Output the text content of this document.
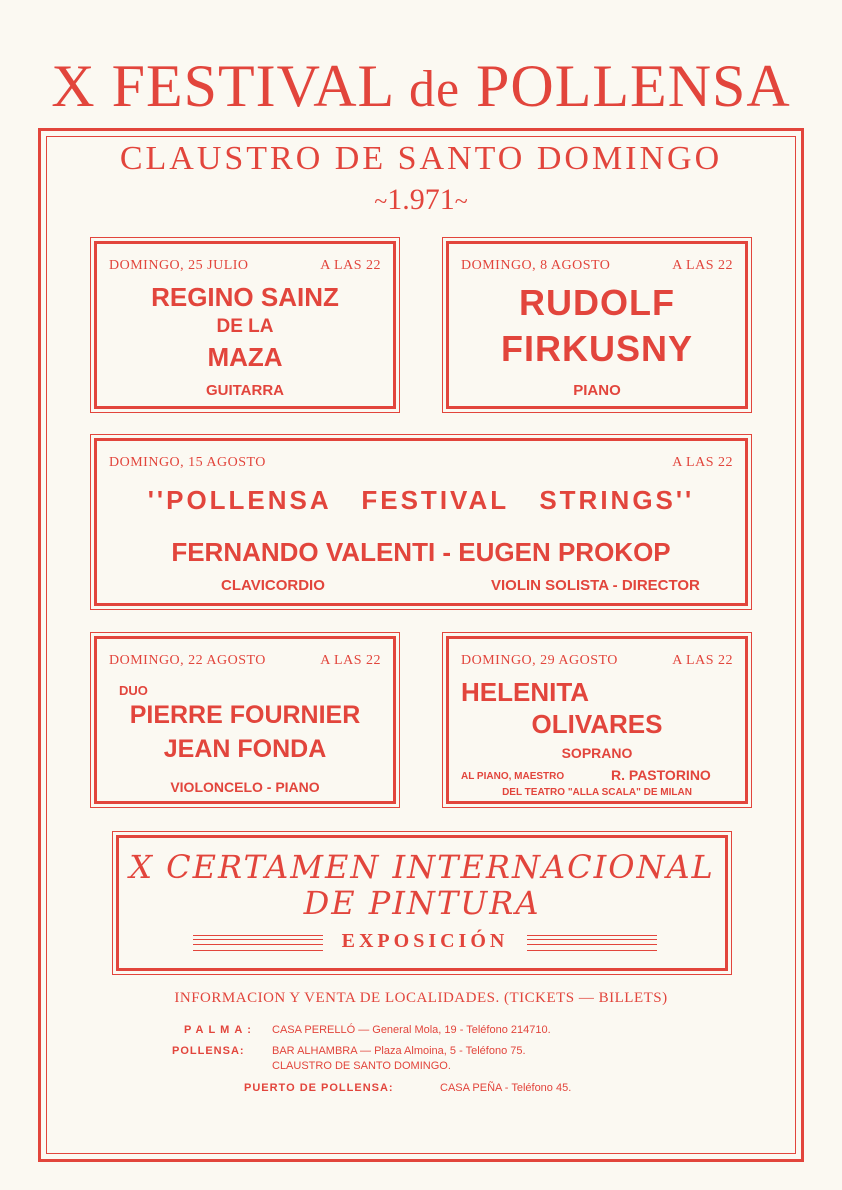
X FESTIVAL de POLLENSA
CLAUSTRO DE SANTO DOMINGO
~1.971~
DOMINGO, 25 JULIO	A LAS 22
REGINO SAINZ
DE LA
MAZA
GUITARRA
DOMINGO, 8 AGOSTO	A LAS 22
RUDOLF
FIRKUSNY
PIANO
DOMINGO, 15 AGOSTO	A LAS 22
''POLLENSA   FESTIVAL   STRINGS''
FERNANDO VALENTI - EUGEN PROKOP
CLAVICORDIO	VIOLIN SOLISTA - DIRECTOR
DOMINGO, 22 AGOSTO	A LAS 22
DUO
PIERRE FOURNIER
JEAN FONDA
VIOLONCELO - PIANO
DOMINGO, 29 AGOSTO	A LAS 22
HELENITA
OLIVARES
SOPRANO
AL PIANO, MAESTRO	R. PASTORINO
DEL TEATRO "ALLA SCALA" DE MILAN
X CERTAMEN INTERNACIONAL
DE PINTURA
EXPOSICIÓN
INFORMACION Y VENTA DE LOCALIDADES. (TICKETS — BILLETS)
PALMA: CASA PERELLÓ — General Mola, 19 - Teléfono 214710.
POLLENSA: BAR ALHAMBRA — Plaza Almoina, 5 - Teléfono 75.
CLAUSTRO DE SANTO DOMINGO.
PUERTO DE POLLENSA:	CASA PEÑA - Teléfono 45.
